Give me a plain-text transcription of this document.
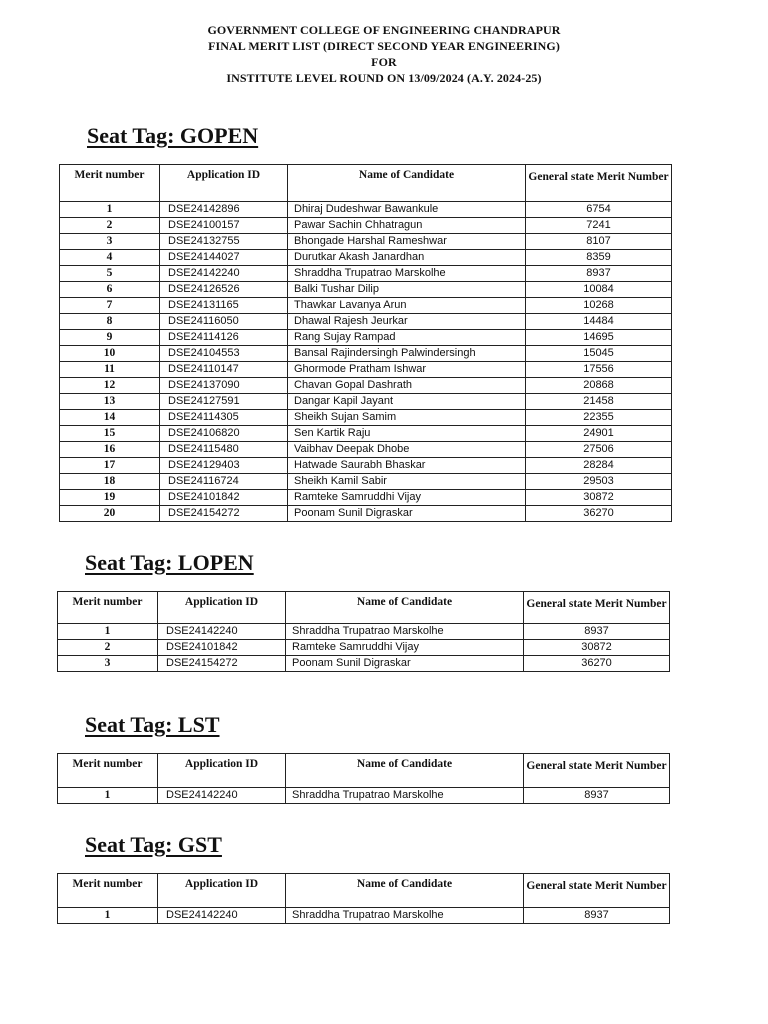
GOVERNMENT COLLEGE OF ENGINEERING CHANDRAPUR
FINAL MERIT LIST (DIRECT SECOND YEAR ENGINEERING)
FOR
INSTITUTE LEVEL ROUND ON 13/09/2024 (A.Y. 2024-25)
Seat Tag: GOPEN
Merit number	Application ID	Name of Candidate	General state Merit Number
1	DSE24142896	Dhiraj Dudeshwar Bawankule	6754
2	DSE24100157	Pawar Sachin Chhatragun	7241
3	DSE24132755	Bhongade Harshal Rameshwar	8107
4	DSE24144027	Durutkar Akash Janardhan	8359
5	DSE24142240	Shraddha Trupatrao Marskolhe	8937
6	DSE24126526	Balki Tushar Dilip	10084
7	DSE24131165	Thawkar Lavanya Arun	10268
8	DSE24116050	Dhawal Rajesh Jeurkar	14484
9	DSE24114126	Rang Sujay Rampad	14695
10	DSE24104553	Bansal Rajindersingh Palwindersingh	15045
11	DSE24110147	Ghormode Pratham Ishwar	17556
12	DSE24137090	Chavan Gopal Dashrath	20868
13	DSE24127591	Dangar Kapil Jayant	21458
14	DSE24114305	Sheikh Sujan Samim	22355
15	DSE24106820	Sen Kartik Raju	24901
16	DSE24115480	Vaibhav Deepak Dhobe	27506
17	DSE24129403	Hatwade Saurabh Bhaskar	28284
18	DSE24116724	Sheikh Kamil Sabir	29503
19	DSE24101842	Ramteke Samruddhi Vijay	30872
20	DSE24154272	Poonam Sunil Digraskar	36270
Seat Tag: LOPEN
Merit number	Application ID	Name of Candidate	General state Merit Number
1	DSE24142240	Shraddha Trupatrao Marskolhe	8937
2	DSE24101842	Ramteke Samruddhi Vijay	30872
3	DSE24154272	Poonam Sunil Digraskar	36270
Seat Tag: LST
Merit number	Application ID	Name of Candidate	General state Merit Number
1	DSE24142240	Shraddha Trupatrao Marskolhe	8937
Seat Tag: GST
Merit number	Application ID	Name of Candidate	General state Merit Number
1	DSE24142240	Shraddha Trupatrao Marskolhe	8937
